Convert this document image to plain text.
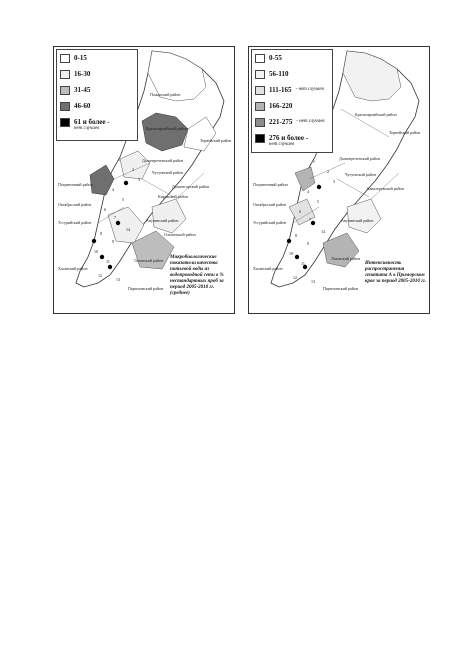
0-15
16-30
31-45
46-60
61 и более -
нет случаев
Пожарский район
Красноармейский район
Тернейский район
Дальнереченский район
Пограничный район
Октябрьский район
Уссурийский район
Чугуевский район
Дальнегорский район
Кировский район
Анучинский район
Ольгинский район
Хасанский район
Лазовский район
Партизанский район
1
2
3
4
5
6
7
8
9
10
11
12
13
14
Микробиологические показатели качества питьевой воды из водопроводной сети в % нестандартных проб за период 2005-2010 гг. (среднее)
0-55
56-110
111-165 - нет случаев
166-220
221-275 - нет случаев
276 и более -
нет случаев
Красноармейский район
Тернейский район
Дальнереченский район
Пограничный район
Октябрьский район
Уссурийский район
Чугуевский район
Кавалеровский район
Анучинский район
Хасанский район
Лазовский район
Партизанский район
1
2
3
4
5
6
7
8
9
10
11
12
13
14
Интенсивность распространения гепатита А в Приморском крае за период 2005-2010 гг.
